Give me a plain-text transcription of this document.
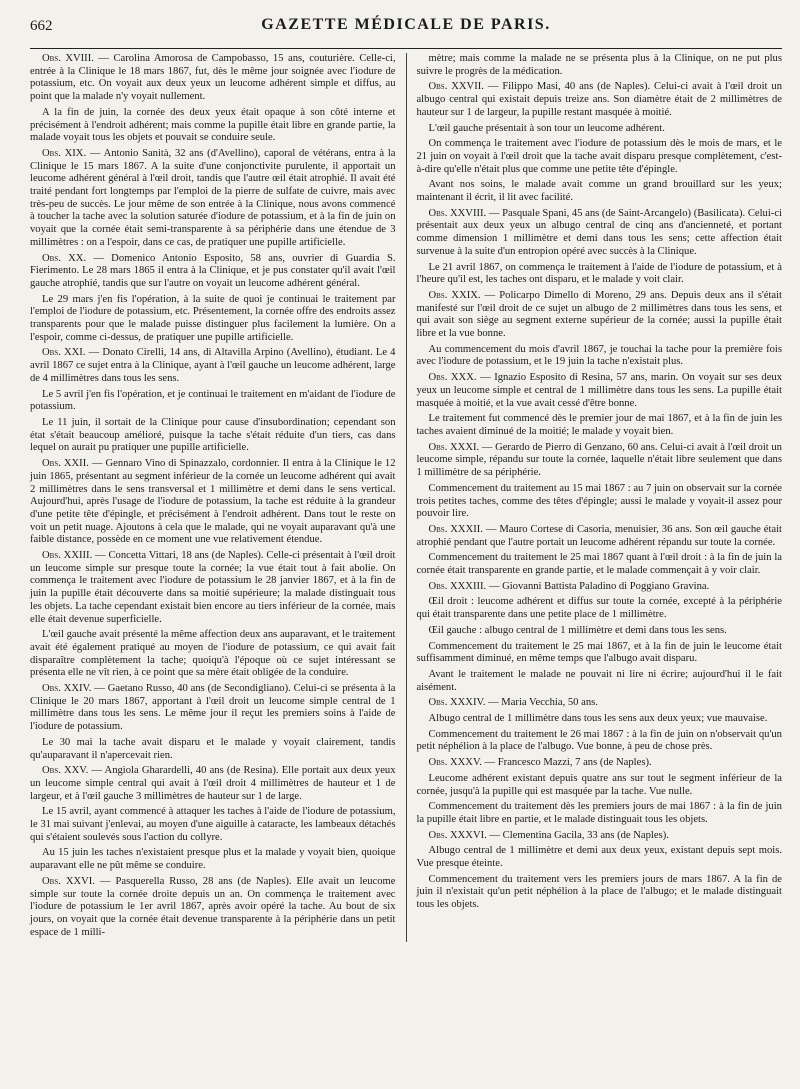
662	GAZETTE MÉDICALE DE PARIS.

Obs. XVIII. — Carolina Amorosa de Campobasso, 15 ans, couturière. Celle-ci, entrée à la Clinique le 18 mars 1867, fut, dès le même jour soignée avec l'iodure de potassium, etc. On voyait aux deux yeux un leucome adhérent simple et diffus, au point que la malade n'y voyait nullement.

A la fin de juin, la cornée des deux yeux était opaque à son côté interne et précisément à l'endroit adhérent; mais comme la pupille était libre en grande partie, la malade voyait tous les objets et pouvait se conduire seule.

Obs. XIX. — Antonio Sanità, 32 ans (d'Avellino), caporal de vétérans, entra à la Clinique le 15 mars 1867. A la suite d'une conjonctivite purulente, il apportait un leucome adhérent général à l'œil droit, tandis que l'autre œil était atrophié. Il avait été traité pendant fort longtemps par l'emploi de la pierre de sulfate de cuivre, mais avec très-peu de succès. Le jour même de son entrée à la Clinique, nous avons commencé à toucher la tache avec la solution saturée d'iodure de potassium, et à la fin de juin on voyait que la cornée était semi-transparente à sa périphérie dans une étendue de 3 millimètres : on a l'espoir, dans ce cas, de pratiquer une pupille artificielle.

Obs. XX. — Domenico Antonio Esposito, 58 ans, ouvrier di Guardia S. Fierimento. Le 28 mars 1865 il entra à la Clinique, et je pus constater qu'il avait l'œil gauche atrophié, tandis que sur l'autre on voyait un leucome adhérent général.

Le 29 mars j'en fis l'opération, à la suite de quoi je continuai le traitement par l'emploi de l'iodure de potassium, etc. Présentement, la cornée offre des endroits assez transparents pour que le malade puisse distinguer plus facilement la lumière. On a l'espoir, comme ci-dessus, de pratiquer une pupille artificielle.

Obs. XXI. — Donato Cirelli, 14 ans, di Altavilla Arpino (Avellino), étudiant. Le 4 avril 1867 ce sujet entra à la Clinique, ayant à l'œil gauche un leucome adhérent, large de 4 millimètres dans tous les sens.

Le 5 avril j'en fis l'opération, et je continuai le traitement en m'aidant de l'iodure de potassium.

Le 11 juin, il sortait de la Clinique pour cause d'insubordination; cependant son état s'était beaucoup amélioré, puisque la tache s'était réduite d'un tiers, cas dans lequel on aurait pu pratiquer une pupille artificielle.

Obs. XXII. — Gennaro Vino di Spinazzalo, cordonnier. Il entra à la Clinique le 12 juin 1865, présentant au segment inférieur de la cornée un leucome adhérent qui avait 2 millimètres dans le sens transversal et 1 millimètre et demi dans le sens vertical. Aujourd'hui, après l'usage de l'iodure de potassium, la tache est réduite à la grandeur d'une petite tête d'épingle, et précisément à l'endroit adhérent. Dans tout le reste on voit un petit nuage. Ajoutons à cela que le malade, qui ne voyait auparavant qu'à une faible distance, possède en ce moment une vue relativement étendue.

Obs. XXIII. — Concetta Vittari, 18 ans (de Naples). Celle-ci présentait à l'œil droit un leucome simple sur presque toute la cornée; la vue était tout à fait abolie. On commença le traitement avec l'iodure de potassium le 28 janvier 1867, et à la fin de juin la pupille était découverte dans sa moitié supérieure; la malade distinguait tous les objets. La tache cependant existait bien encore au tiers inférieur de la cornée, mais elle était devenue superficielle.

L'œil gauche avait présenté la même affection deux ans auparavant, et le traitement avait été également pratiqué au moyen de l'iodure de potassium, ce qui avait fait disparaître complètement la tache; quoiqu'à l'époque où ce sujet intéressant se présenta elle ne vît rien, à ce point que sa mère était obligée de la conduire.

Obs. XXIV. — Gaetano Russo, 40 ans (de Secondigliano). Celui-ci se présenta à la Clinique le 20 mars 1867, apportant à l'œil droit un leucome simple central de 1 millimètre dans tous les sens. Le même jour il reçut les premiers soins à l'aide de l'iodure de potassium.

Le 30 mai la tache avait disparu et le malade y voyait clairement, tandis qu'auparavant il n'apercevait rien.

Obs. XXV. — Angiola Gharardelli, 40 ans (de Resina). Elle portait aux deux yeux un leucome simple central qui avait à l'œil droit 4 millimètres de hauteur et 1 de largeur, et à l'œil gauche 3 millimètres de hauteur sur 1 de large.

Le 15 avril, ayant commencé à attaquer les taches à l'aide de l'iodure de potassium, le 31 mai suivant j'enlevai, au moyen d'une aiguille à cataracte, les lambeaux détachés qui s'étaient soulevés sous l'action du collyre.

Au 15 juin les taches n'existaient presque plus et la malade y voyait bien, quoique auparavant elle ne pût même se conduire.

Obs. XXVI. — Pasquerella Russo, 28 ans (de Naples). Elle avait un leucome simple sur toute la cornée droite depuis un an. On commença le traitement avec l'iodure de potassium le 1er avril 1867, après avoir opéré la tache. Au bout de six jours, on voyait que la cornée était devenue transparente à la périphérie dans un petit espace de 1 milli-

mètre; mais comme la malade ne se présenta plus à la Clinique, on ne put plus suivre le progrès de la médication.

Obs. XXVII. — Filippo Masi, 40 ans (de Naples). Celui-ci avait à l'œil droit un albugo central qui existait depuis treize ans. Son diamètre était de 2 millimètres de hauteur sur 1 de largeur, la pupille restant masquée à moitié.

L'œil gauche présentait à son tour un leucome adhérent.

On commença le traitement avec l'iodure de potassium dès le mois de mars, et le 21 juin on voyait à l'œil droit que la tache avait disparu presque complètement, c'est-à-dire qu'elle n'était plus que comme une petite tête d'épingle.

Avant nos soins, le malade avait comme un grand brouillard sur les yeux; maintenant il écrit, il lit avec facilité.

Obs. XXVIII. — Pasquale Spani, 45 ans (de Saint-Arcangelo) (Basilicata). Celui-ci présentait aux deux yeux un albugo central de cinq ans d'ancienneté, et portant comme dimension 1 millimètre et demi dans tous les sens; cette affection était survenue à la suite d'un entropion opéré avec succès à la Clinique.

Le 21 avril 1867, on commença le traitement à l'aide de l'iodure de potassium, et à l'heure qu'il est, les taches ont disparu, et le malade y voit clair.

Obs. XXIX. — Policarpo Dimello di Moreno, 29 ans. Depuis deux ans il s'était manifesté sur l'œil droit de ce sujet un albugo de 2 millimètres dans tous les sens, et qui avait son siège au segment externe supérieur de la cornée; aussi la pupille était libre et la vue bonne.

Au commencement du mois d'avril 1867, je touchai la tache pour la première fois avec l'iodure de potassium, et le 19 juin la tache n'existait plus.

Obs. XXX. — Ignazio Esposito di Resina, 57 ans, marin. On voyait sur ses deux yeux un leucome simple et central de 1 millimètre dans tous les sens. La pupille était masquée à moitié, et la vue avait cessé d'être bonne.

Le traitement fut commencé dès le premier jour de mai 1867, et à la fin de juin les taches avaient diminué de la moitié; le malade y voyait bien.

Obs. XXXI. — Gerardo de Pierro di Genzano, 60 ans. Celui-ci avait à l'œil droit un leucome simple, répandu sur toute la cornée, laquelle n'était libre seulement que dans 1 millimètre de sa périphérie.

Commencement du traitement au 15 mai 1867 : au 7 juin on observait sur la cornée trois petites taches, comme des têtes d'épingle; aussi le malade y voyait-il assez pour pouvoir lire.

Obs. XXXII. — Mauro Cortese di Casoria, menuisier, 36 ans. Son œil gauche était atrophié pendant que l'autre portait un leucome adhérent répandu sur toute la cornée.

Commencement du traitement le 25 mai 1867 quant à l'œil droit : à la fin de juin la cornée était transparente en grande partie, et le malade commençait à y voir clair.

Obs. XXXIII. — Giovanni Battista Paladino di Poggiano Gravina.

Œil droit : leucome adhérent et diffus sur toute la cornée, excepté à la périphérie qui était transparente dans une petite place de 1 millimètre.

Œil gauche : albugo central de 1 millimètre et demi dans tous les sens.

Commencement du traitement le 25 mai 1867, et à la fin de juin le leucome était suffisamment diminué, en même temps que l'albugo avait disparu.

Avant le traitement le malade ne pouvait ni lire ni écrire; aujourd'hui il le fait aisément.

Obs. XXXIV. — Maria Vecchia, 50 ans.

Albugo central de 1 millimètre dans tous les sens aux deux yeux; vue mauvaise.

Commencement du traitement le 26 mai 1867 : à la fin de juin on n'observait qu'un petit néphélion à la place de l'albugo. Vue bonne, à peu de chose près.

Obs. XXXV. — Francesco Mazzi, 7 ans (de Naples).

Leucome adhérent existant depuis quatre ans sur tout le segment inférieur de la cornée, jusqu'à la pupille qui est masquée par la tache. Vue nulle.

Commencement du traitement dès les premiers jours de mai 1867 : à la fin de juin la pupille était libre en partie, et le malade distinguait tous les objets.

Obs. XXXVI. — Clementina Gacila, 33 ans (de Naples).

Albugo central de 1 millimètre et demi aux deux yeux, existant depuis sept mois. Vue presque éteinte.

Commencement du traitement vers les premiers jours de mars 1867. A la fin de juin il n'existait qu'un petit néphélion à la place de l'albugo; et le malade distinguait tous les objets.
